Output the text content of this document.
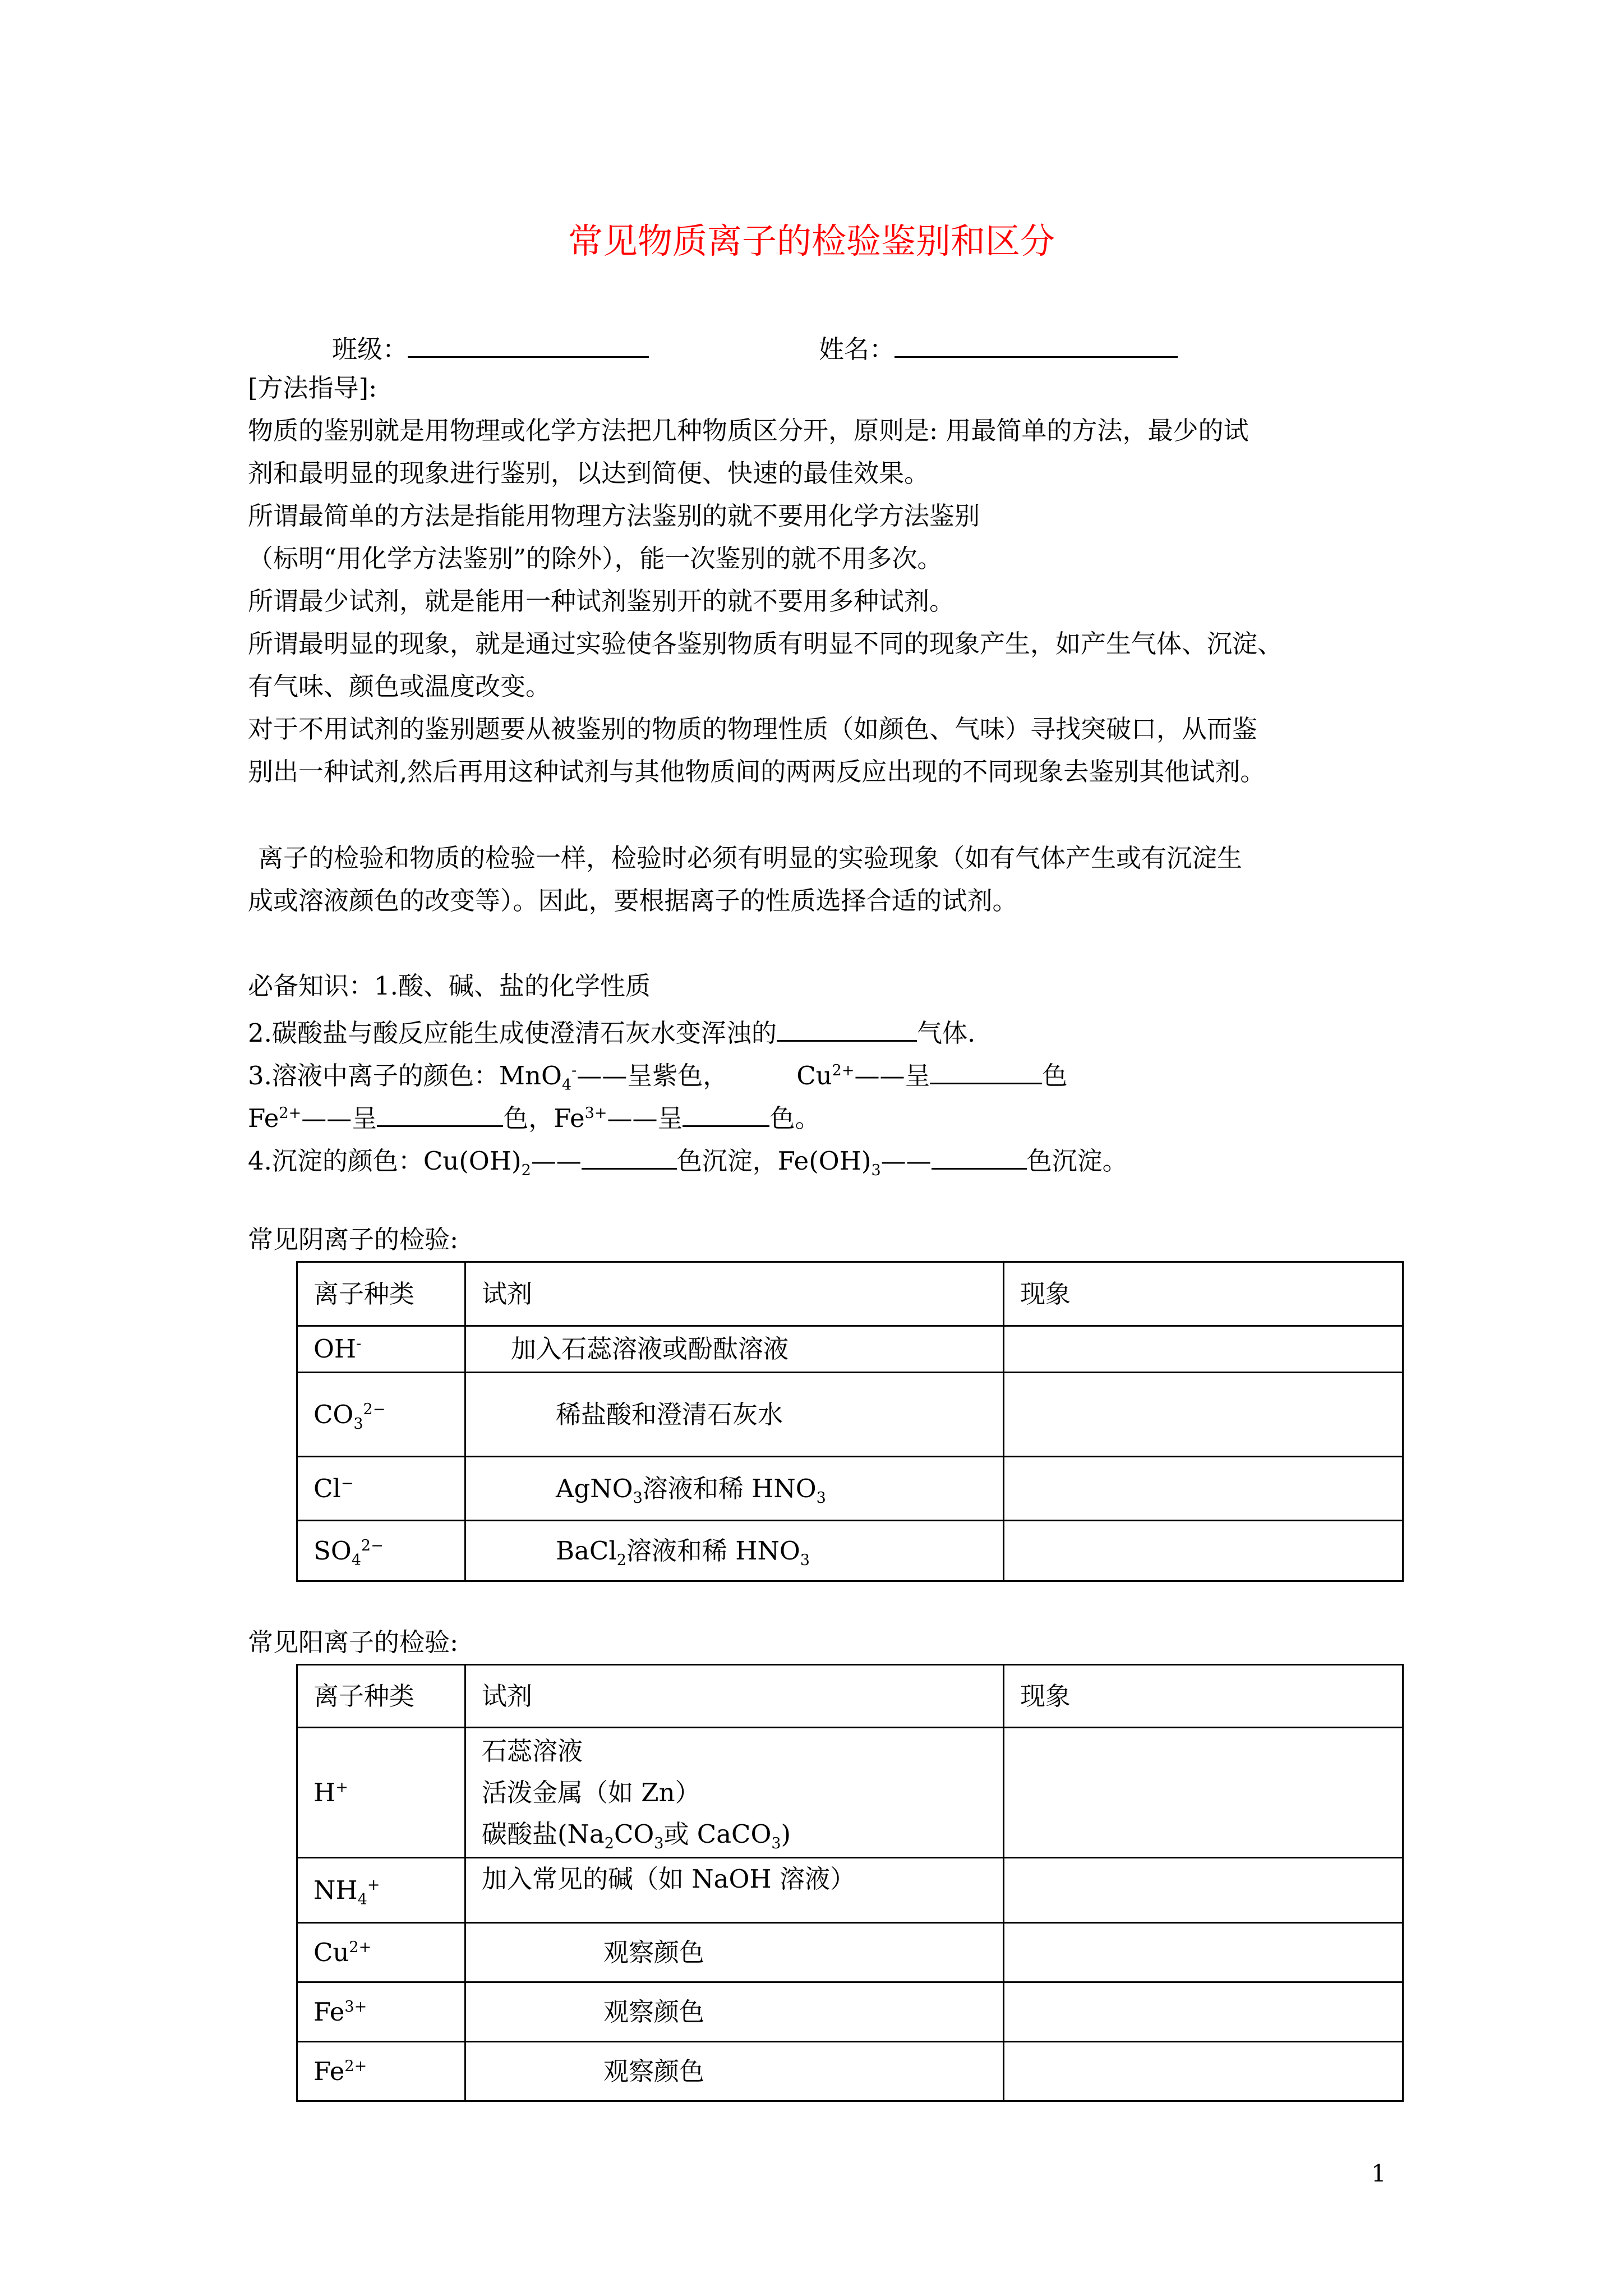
常见物质离子的检验鉴别和区分
班级：	姓名：
[方法指导]:
物质的鉴别就是用物理或化学方法把几种物质区分开，原则是: 用最简单的方法，最少的试
剂和最明显的现象进行鉴别，以达到简便、快速的最佳效果。
所谓最简单的方法是指能用物理方法鉴别的就不要用化学方法鉴别
（标明“用化学方法鉴别”的除外），能一次鉴别的就不用多次。
所谓最少试剂，就是能用一种试剂鉴别开的就不要用多种试剂。
所谓最明显的现象，就是通过实验使各鉴别物质有明显不同的现象产生，如产生气体、沉淀、
有气味、颜色或温度改变。
对于不用试剂的鉴别题要从被鉴别的物质的物理性质（如颜色、气味）寻找突破口，从而鉴
别出一种试剂,然后再用这种试剂与其他物质间的两两反应出现的不同现象去鉴别其他试剂。
离子的检验和物质的检验一样，检验时必须有明显的实验现象（如有气体产生或有沉淀生
成或溶液颜色的改变等）。因此，要根据离子的性质选择合适的试剂。
必备知识：1.酸、碱、盐的化学性质
2.碳酸盐与酸反应能生成使澄清石灰水变浑浊的	气体.
3.溶液中离子的颜色：MnO$_4$-——呈紫色，	$Cu^{2+}——$呈	色
$Fe^{2+}——$呈	色，$Fe^{3+}——$呈	色。
4.沉淀的颜色：$Cu(OH)_2——$	色沉淀，$Fe(OH)_3——$	色沉淀。
常见阴离子的检验:
离子种类	试剂	现象
OH-	加入石蕊溶液或酚酞溶液	
$CO_3^{2-}$	稀盐酸和澄清石灰水	
Cl−	AgNO$_3$溶液和稀 $HNO_3$	
$SO_4^{2-}$	BaCl$_2$溶液和稀 $HNO_3$	
常见阳离子的检验:
离子种类	试剂	现象
H+	石蕊溶液
活泼金属（如 Zn）
碳酸盐($Na_2CO_3$或 CaCO$_3$)	

$NH_4^+$	加入常见的碱（如 NaOH 溶液）	
$Cu^{2+}$	观察颜色	
$Fe^{3+}$	观察颜色	
$Fe^{2+}$	观察颜色	
1
